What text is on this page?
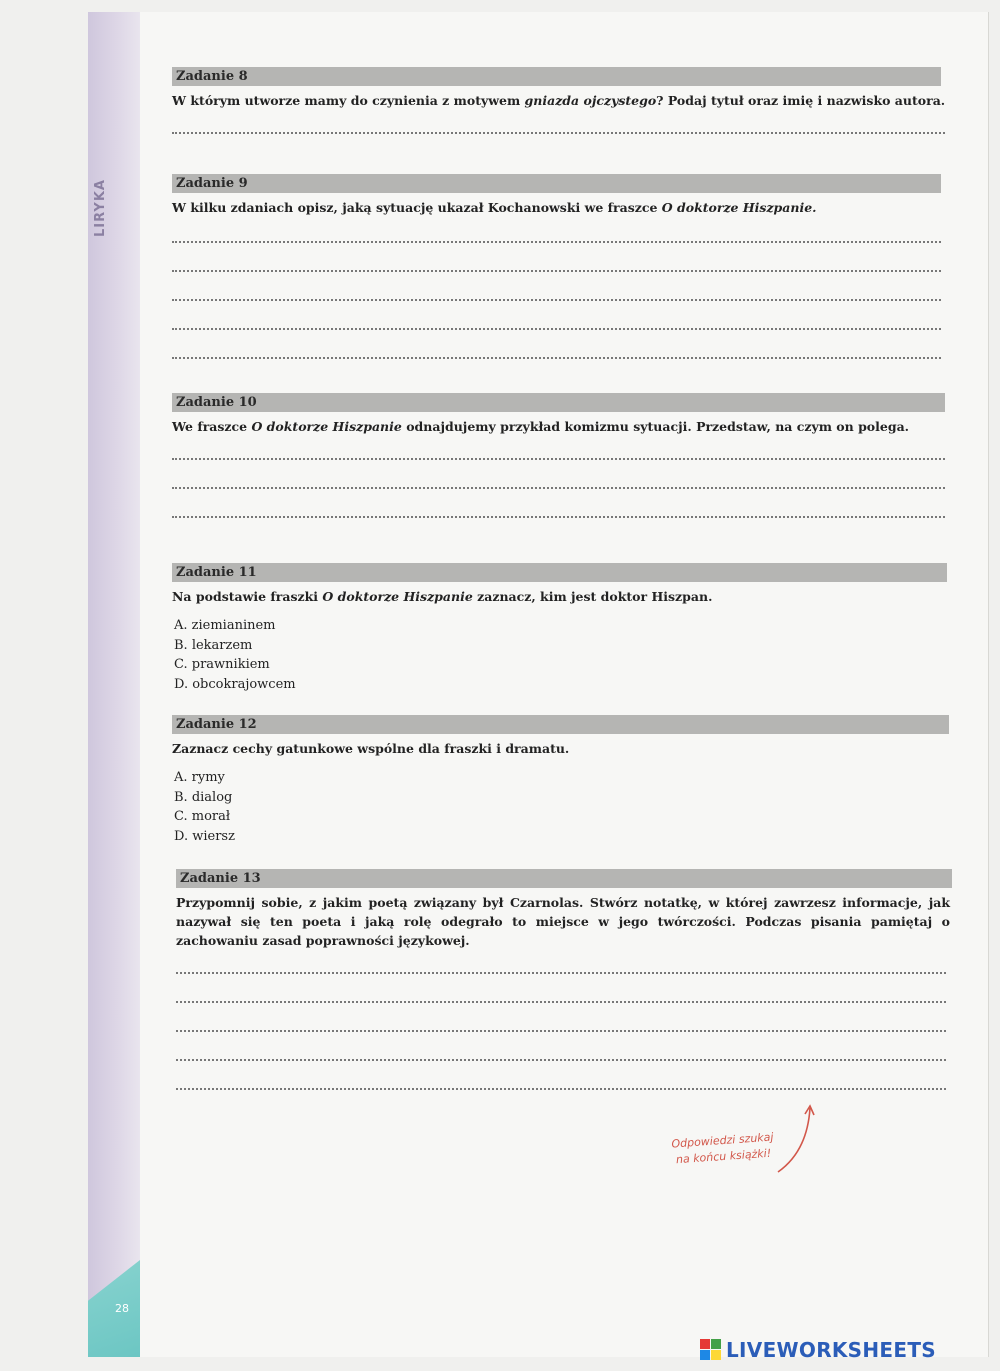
LIRYKA
28
Zadanie 8
W którym utworze mamy do czynienia z motywem gniazda ojczystego? Podaj tytuł oraz imię i nazwisko autora.
Zadanie 9
W kilku zdaniach opisz, jaką sytuację ukazał Kochanowski we fraszce O doktorze Hiszpanie.
Zadanie 10
We fraszce O doktorze Hiszpanie odnajdujemy przykład komizmu sytuacji. Przedstaw, na czym on polega.
Zadanie 11
Na podstawie fraszki O doktorze Hiszpanie zaznacz, kim jest doktor Hiszpan.
A. ziemianinem
B. lekarzem
C. prawnikiem
D. obcokrajowcem
Zadanie 12
Zaznacz cechy gatunkowe wspólne dla fraszki i dramatu.
A. rymy
B. dialog
C. morał
D. wiersz
Zadanie 13
Przypomnij sobie, z jakim poetą związany był Czarnolas. Stwórz notatkę, w której zawrzesz informacje, jak nazywał się ten poeta i jaką rolę odegrało to miejsce w jego twórczości. Podczas pisania pamiętaj o zachowaniu zasad poprawności językowej.
Odpowiedzi szukaj
na końcu książki!
LIVEWORKSHEETS
